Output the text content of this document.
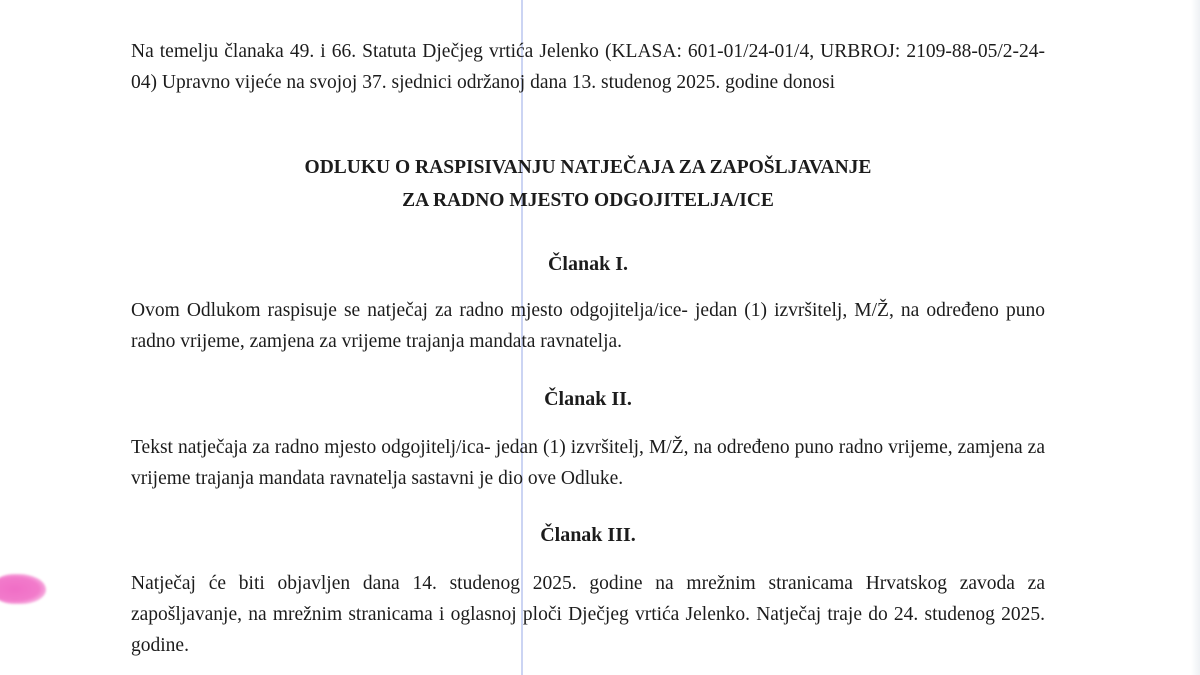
Na temelju članaka 49. i 66. Statuta Dječjeg vrtića Jelenko (KLASA: 601-01/24-01/4, URBROJ: 2109-88-05/2-24-04) Upravno vijeće na svojoj 37. sjednici održanoj dana 13. studenog 2025. godine donosi

ODLUKU O RASPISIVANJU NATJEČAJA ZA ZAPOŠLJAVANJE
ZA RADNO MJESTO ODGOJITELJA/ICE
Članak I.

Ovom Odlukom raspisuje se natječaj za radno mjesto odgojitelja/ice- jedan (1) izvršitelj, M/Ž, na određeno puno radno vrijeme, zamjena za vrijeme trajanja mandata ravnatelja.

Članak II.

Tekst natječaja za radno mjesto odgojitelj/ica- jedan (1) izvršitelj, M/Ž, na određeno puno radno vrijeme, zamjena za vrijeme trajanja mandata ravnatelja sastavni je dio ove Odluke.

Članak III.

Natječaj će biti objavljen dana 14. studenog 2025. godine na mrežnim stranicama Hrvatskog zavoda za zapošljavanje, na mrežnim stranicama i oglasnoj ploči Dječjeg vrtića Jelenko. Natječaj traje do 24. studenog 2025. godine.
